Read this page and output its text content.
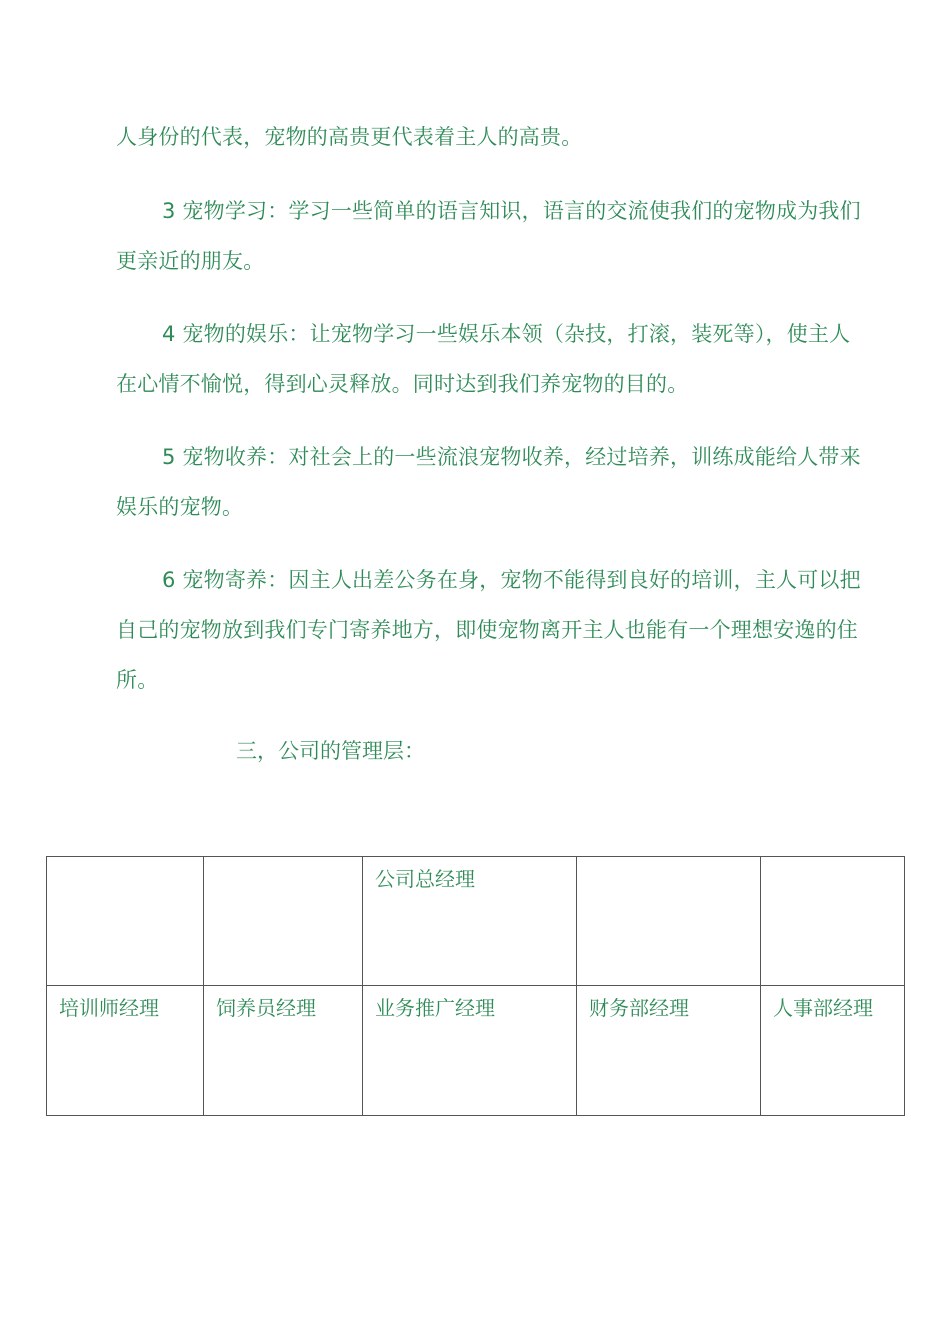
人身份的代表，宠物的高贵更代表着主人的高贵。

3 宠物学习：学习一些简单的语言知识，语言的交流使我们的宠物成为我们
更亲近的朋友。

4 宠物的娱乐：让宠物学习一些娱乐本领（杂技，打滚，装死等），使主人
在心情不愉悦，得到心灵释放。同时达到我们养宠物的目的。

5 宠物收养：对社会上的一些流浪宠物收养，经过培养，训练成能给人带来
娱乐的宠物。

6 宠物寄养：因主人出差公务在身，宠物不能得到良好的培训，主人可以把
自己的宠物放到我们专门寄养地方，即使宠物离开主人也能有一个理想安逸的住
所。

三，公司的管理层：

		公司总经理		
培训师经理	饲养员经理	业务推广经理	财务部经理	人事部经理
